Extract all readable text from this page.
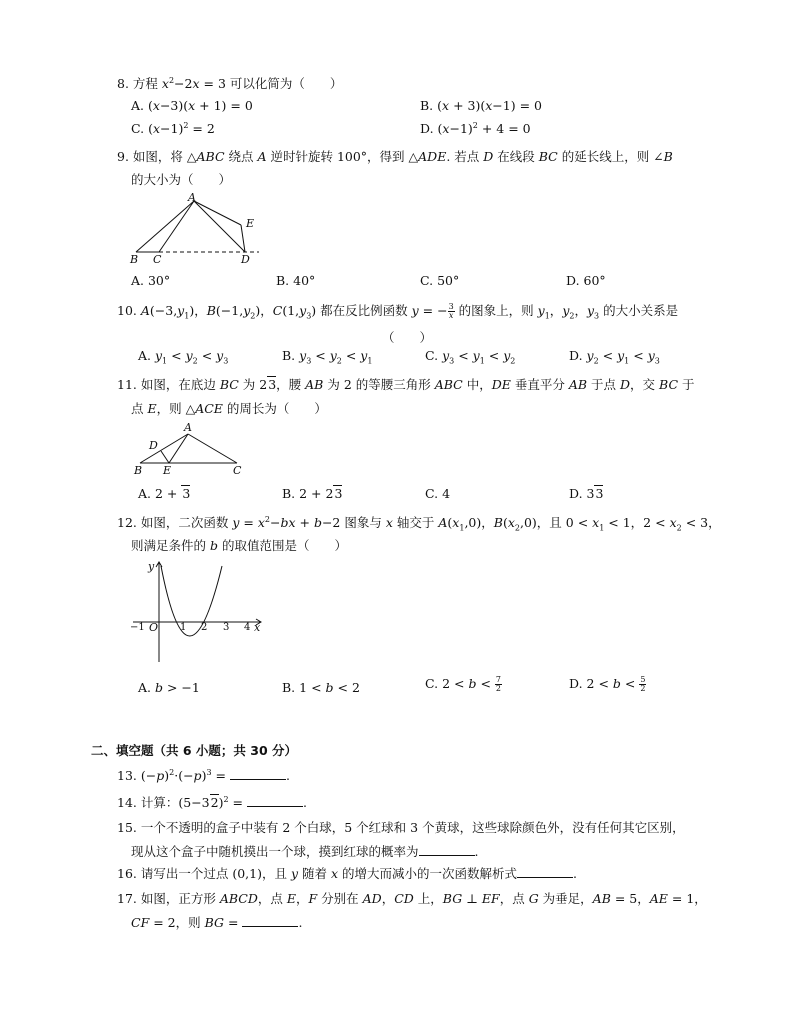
8. 方程 $x^2-2x = 3$ 可以化简为（　　）
A. (x−3)(x + 1) = 0	B. (x + 3)(x−1) = 0
C. $(x-1)^2 = 2$	D. $(x-1)^2 + 4 = 0$
9. 如图，将 △ABC 绕点 A 逆时针旋转 100°，得到 △ADE. 若点 D 在线段 BC 的延长线上，则 ∠B
的大小为（　　）
A
B C	D
E
A. 30°	B. 40°	C. 50°	D. 60°
10. $A(-3,y_1)$，$B(-1,y_2)$，$C(1,y_3)$ 都在反比例函数 y = − $\frac{3}{x}$ 的图象上，则 $y_1$，$y_2$，$y_3$ 的大小关系是
（　　）
A. $y_1 < y_2 < y_3$	B. $y_3 < y_2 < y_1$	C. $y_3 < y_1 < y_2$	D. $y_2 < y_1 < y_3$
11. 如图，在底边 BC 为 23，腰 AB 为 2 的等腰三角形 ABC 中，DE 垂直平分 AB 于点 D，交 BC 于
点 E，则 △ACE 的周长为（　　）
A
B	C
D
E
A. 2 + 3	B. 2 + 23	C. 4	D. 33
12. 如图，二次函数 $y = x^2-bx + b-2$ 图象与 x 轴交于 $A(x_1,0)$，$B(x_2,0)$，且 $0 < x_1 < 1$，$2 < x_2 < 3$，
则满足条件的 b 的取值范围是（　　）
y
x
O
−1	1 2 3 4
A. b > −1	B. 1 < b < 2	C. $2 < b < \frac{7}{2}$	D. $2 < b < \frac{5}{2}$
二、填空题（共 6 小题；共 30 分）
13. $(-p)^2\cdot(-p)^3$ =	.
14. 计算：$(5-32)^2$ =	.
15. 一个不透明的盒子中装有 2 个白球，5 个红球和 3 个黄球，这些球除颜色外，没有任何其它区别，
现从这个盒子中随机摸出一个球，摸到红球的概率为	.
16. 请写出一个过点 (0,1)，且 y 随着 x 的增大而减小的一次函数解析式	.
17. 如图，正方形 ABCD，点 E，F 分别在 AD，CD 上，BG ⊥ EF，点 G 为垂足，AB = 5，AE = 1，
CF = 2，则 BG =	.
